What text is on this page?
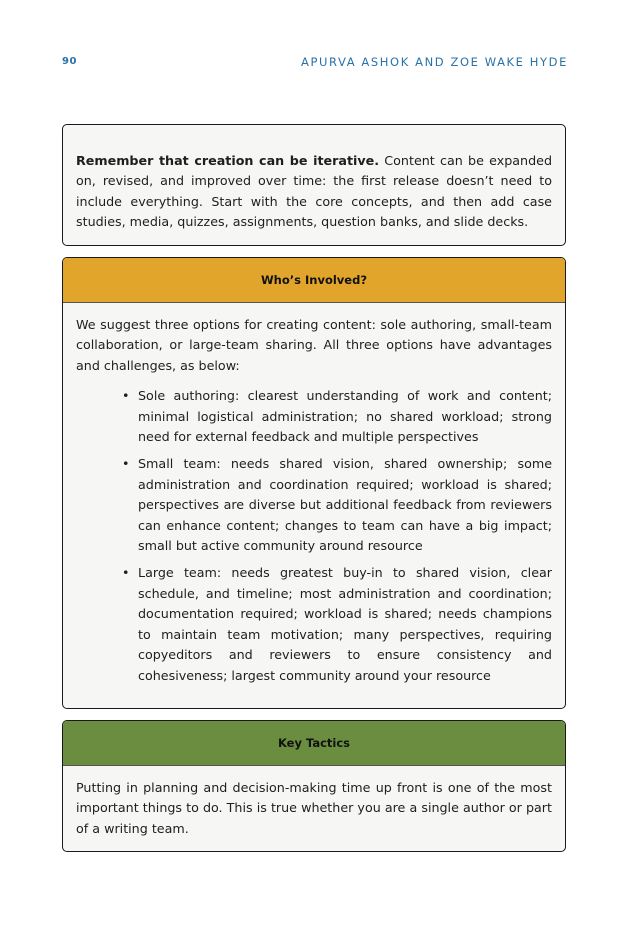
90	APURVA ASHOK AND ZOE WAKE HYDE

Remember that creation can be iterative. Content can be expanded on, revised, and improved over time: the first release doesn’t need to include everything. Start with the core concepts, and then add case studies, media, quizzes, assignments, question banks, and slide decks.

Who’s Involved?

We suggest three options for creating content: sole authoring, small-team collaboration, or large-team sharing. All three options have advantages and challenges, as below:

• Sole authoring: clearest understanding of work and content; minimal logistical administration; no shared workload; strong need for external feedback and multiple perspectives
• Small team: needs shared vision, shared ownership; some administration and coordination required; workload is shared; perspectives are diverse but additional feedback from reviewers can enhance content; changes to team can have a big impact; small but active community around resource
• Large team: needs greatest buy-in to shared vision, clear schedule, and timeline; most administration and coordination; documentation required; workload is shared; needs champions to maintain team motivation; many perspectives, requiring copyeditors and reviewers to ensure consistency and cohesiveness; largest community around your resource
Key Tactics

Putting in planning and decision-making time up front is one of the most important things to do. This is true whether you are a single author or part of a writing team.
